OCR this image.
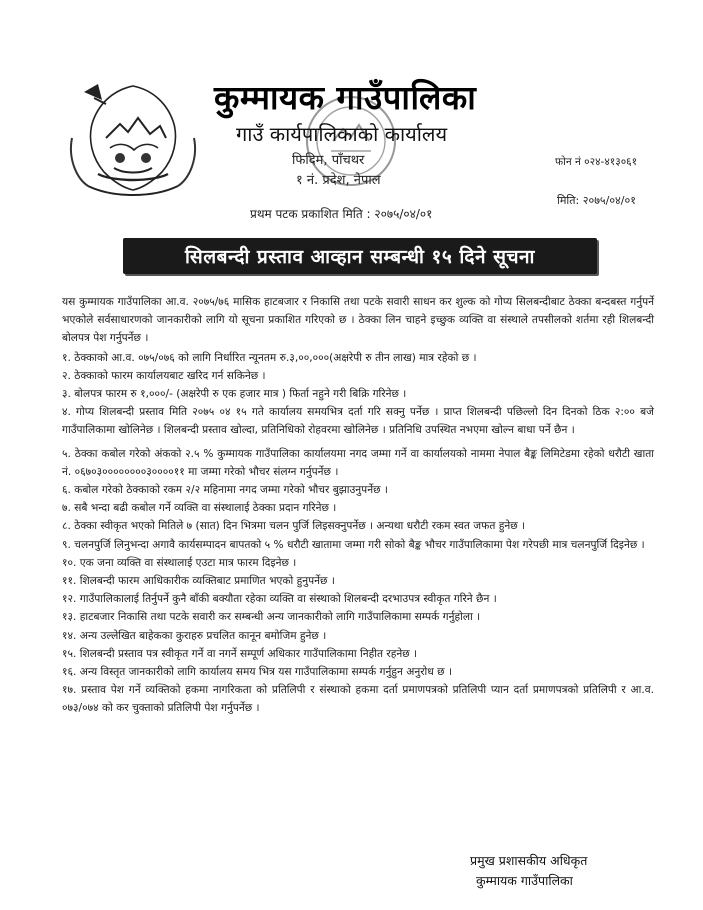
कुम्मायक गाउँपालिका
गाउँ कार्यपालिकाको कार्यालय
फिदिम, पाँचथर
१ नं. प्रदेश, नेपाल
फोन नं ०२४-४१३०६१
मिति: २०७५/०४/०१
प्रथम पटक प्रकाशित मिति : २०७५/०४/०१
सिलबन्दी प्रस्ताव आव्हान सम्बन्धी १५ दिने सूचना

यस कुम्मायक गाउँपालिका आ.व. २०७५/७६ मासिक हाटबजार र निकासि तथा पटके सवारी साधन कर शुल्क को गोप्य सिलबन्दीबाट ठेक्का बन्दबस्त गर्नुपर्ने भएकोले सर्वसाधारणको जानकारीको लागि यो सूचना प्रकाशित गरिएको छ । ठेक्का लिन चाहने इच्छुक व्यक्ति वा संस्थाले तपसीलको शर्तमा रही शिलबन्दी बोलपत्र पेश गर्नुपर्नेछ ।

१. ठेक्काको आ.व. ०७५/०७६ को लागि निर्धारित न्यूनतम रु.३,००,०००(अक्षरेपी रु तीन लाख) मात्र रहेको छ ।

२. ठेक्काको फारम कार्यालयबाट खरिद गर्न सकिनेछ ।

३. बोलपत्र फारम रु १,०००/- (अक्षरेपी रु एक हजार मात्र ) फिर्ता नहुने गरी बिक्रि गरिनेछ ।

४. गोप्य शिलबन्दी प्रस्ताव मिति २०७५ ०४ १५ गते कार्यालय समयभित्र दर्ता गरि सक्नु पर्नेछ । प्राप्त शिलबन्दी पछिल्लो दिन दिनको ठिक २:०० बजे गाउँपालिकामा खोलिनेछ । शिलबन्दी प्रस्ताव खोल्दा, प्रतिनिधिको रोहवरमा खोलिनेछ । प्रतिनिधि उपस्थित नभएमा खोल्न बाधा पर्ने छैन ।

५. ठेक्का कबोल गरेको अंकको २.५ % कुम्मायक गाउँपालिका कार्यालयमा नगद जम्मा गर्ने वा कार्यालयको नाममा नेपाल बैङ्क लिमिटेडमा रहेको धरौटी खाता नं. ०६७०३००००००००३००००११ मा जम्मा गरेको भौचर संलग्न गर्नुपर्नेछ ।

६. कबोल गरेको ठेक्काको रकम २/२ महिनामा नगद जम्मा गरेको भौचर बुझाउनुपर्नेछ ।

७. सबै भन्दा बढी कबोल गर्ने व्यक्ति वा संस्थालाई ठेक्का प्रदान गरिनेछ ।

८. ठेक्का स्वीकृत भएको मितिले ७ (सात) दिन भित्रमा चलन पुर्जि लिइसक्नुपर्नेछ । अन्यथा धरौटी रकम स्वत जफत हुनेछ ।

९. चलनपुर्जि लिनुभन्दा अगावै कार्यसम्पादन बापतको ५ % धरौटी खातामा जम्मा गरी सोको बैङ्क भौचर गाउँपालिकामा पेश गरेपछी मात्र चलनपुर्जि दिइनेछ ।

१०. एक जना व्यक्ति वा संस्थालाई एउटा मात्र फारम दिइनेछ ।

११. शिलबन्दी फारम आधिकारीक व्यक्तिबाट प्रमाणित भएको हुनुपर्नेछ ।

१२. गाउँपालिकालाई तिर्नुपर्ने कुनै बाँकी बक्यौता रहेका व्यक्ति वा संस्थाको शिलबन्दी दरभाउपत्र स्वीकृत गरिने छैन ।

१३. हाटबजार निकासि तथा पटके सवारी कर सम्बन्धी अन्य जानकारीको लागि गाउँपालिकामा सम्पर्क गर्नुहोला ।

१४. अन्य उल्लेखित बाहेकका कुराहरु प्रचलित कानून बमोजिम हुनेछ ।

१५. शिलबन्दी प्रस्ताव पत्र स्वीकृत गर्ने वा नगर्ने सम्पूर्ण अधिकार गाउँपालिकामा निहीत रहनेछ ।

१६. अन्य विस्तृत जानकारीको लागि कार्यालय समय भित्र यस गाउँपालिकामा सम्पर्क गर्नुहुन अनुरोध छ ।

१७. प्रस्ताव पेश गर्ने व्यक्तिको हकमा नागरिकता को प्रतिलिपी र संस्थाको हकमा दर्ता प्रमाणपत्रको प्रतिलिपी प्यान दर्ता प्रमाणपत्रको प्रतिलिपी र आ.व. ०७३/०७४ को कर चुक्ताको प्रतिलिपी पेश गर्नुपर्नेछ ।

प्रमुख प्रशासकीय अधिकृत
कुम्मायक गाउँपालिका
